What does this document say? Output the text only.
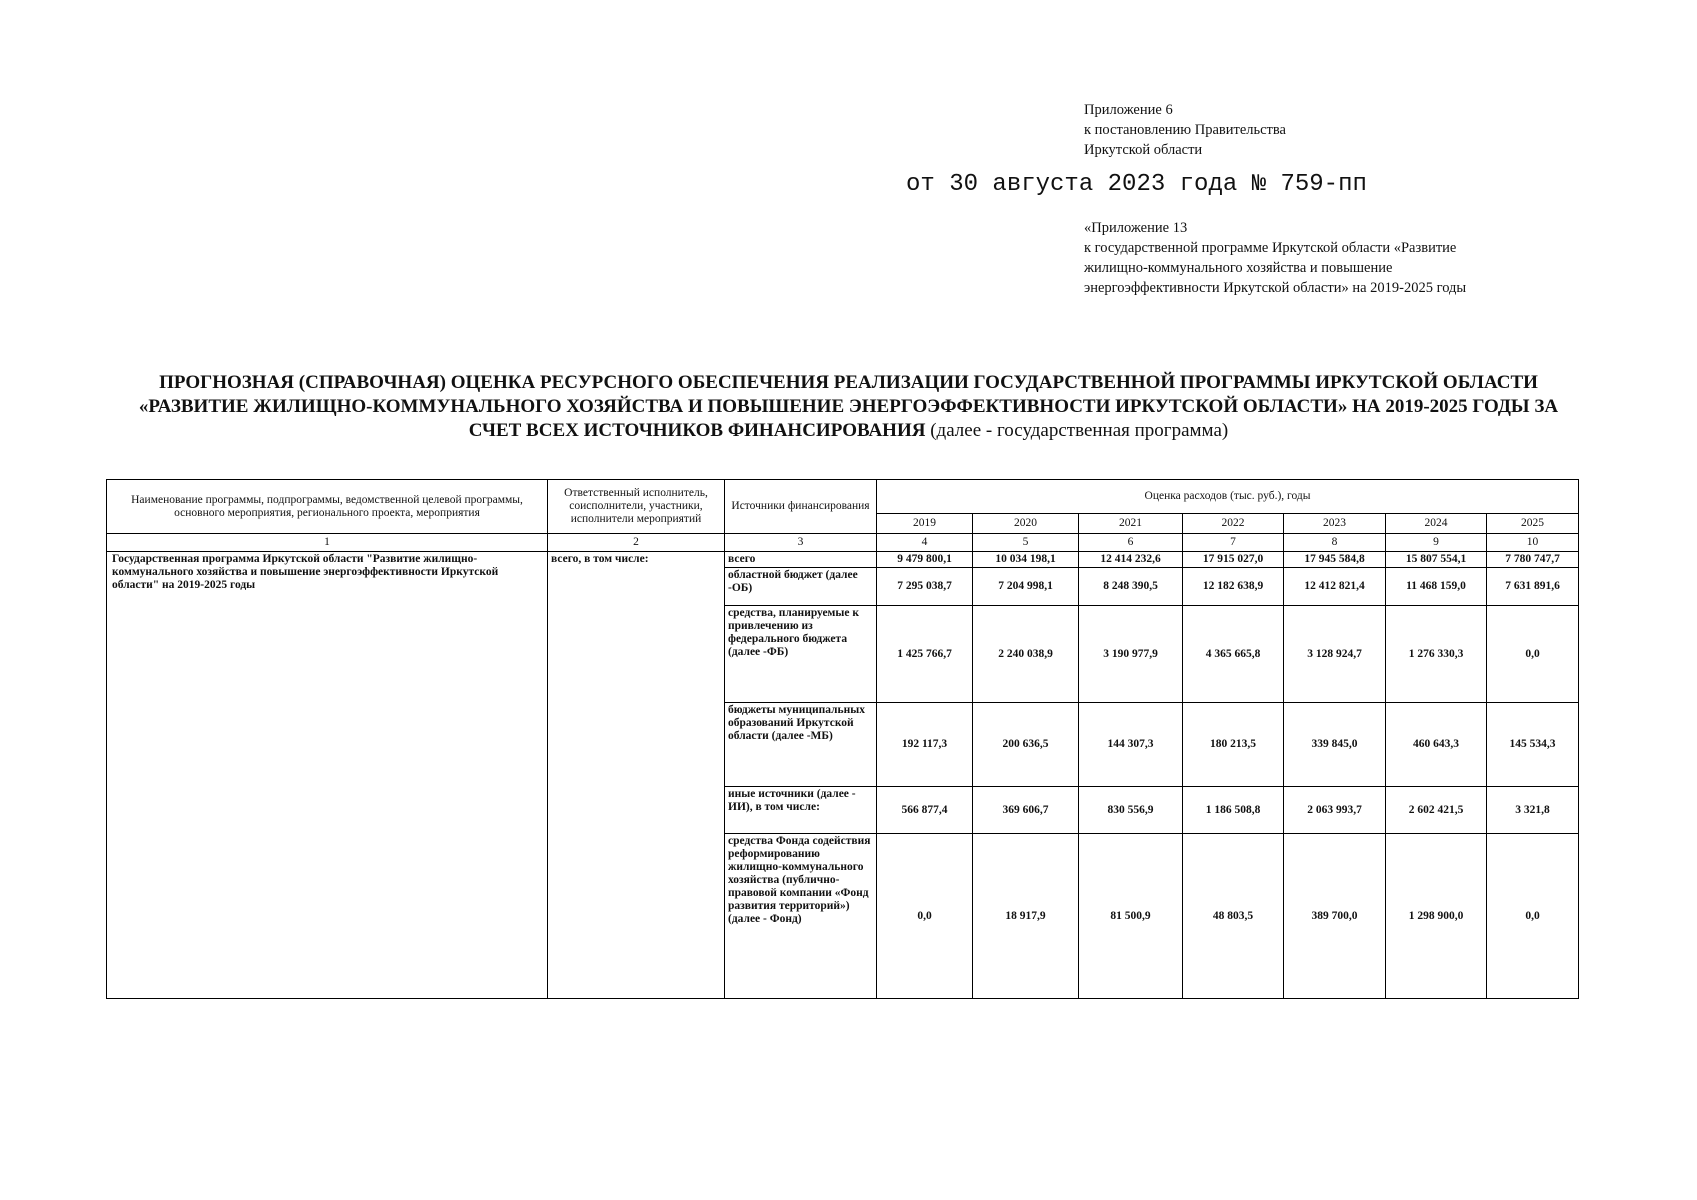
Приложение 6
к постановлению Правительства
Иркутской области
от 30 августа 2023 года № 759-пп
«Приложение 13
к государственной программе Иркутской области «Развитие
жилищно-коммунального хозяйства и повышение
энергоэффективности Иркутской области» на 2019-2025 годы
ПРОГНОЗНАЯ (СПРАВОЧНАЯ) ОЦЕНКА РЕСУРСНОГО ОБЕСПЕЧЕНИЯ РЕАЛИЗАЦИИ ГОСУДАРСТВЕННОЙ ПРОГРАММЫ ИРКУТСКОЙ ОБЛАСТИ
«РАЗВИТИЕ ЖИЛИЩНО-КОММУНАЛЬНОГО ХОЗЯЙСТВА И ПОВЫШЕНИЕ ЭНЕРГОЭФФЕКТИВНОСТИ ИРКУТСКОЙ ОБЛАСТИ» НА 2019-2025 ГОДЫ ЗА
СЧЕТ ВСЕХ ИСТОЧНИКОВ ФИНАНСИРОВАНИЯ (далее - государственная программа)
Наименование программы, подпрограммы, ведомственной целевой программы, основного мероприятия, регионального проекта, мероприятия	Ответственный исполнитель, соисполнители, участники, исполнители мероприятий	Источники финансирования	Оценка расходов (тыс. руб.), годы						
			2019	2020	2021	2022	2023	2024	2025
1	2	3	4	5	6	7	8	9	10
Государственная программа Иркутской области "Развитие жилищно-коммунального хозяйства и повышение энергоэффективности Иркутской области" на 2019-2025 годы	всего, в том числе:	всего	9 479 800,1	10 034 198,1	12 414 232,6	17 915 027,0	17 945 584,8	15 807 554,1	7 780 747,7
		областной бюджет (далее -ОБ)	7 295 038,7	7 204 998,1	8 248 390,5	12 182 638,9	12 412 821,4	11 468 159,0	7 631 891,6
		средства, планируемые к привлечению из федерального бюджета (далее -ФБ)	1 425 766,7	2 240 038,9	3 190 977,9	4 365 665,8	3 128 924,7	1 276 330,3	0,0
		бюджеты муниципальных образований Иркутской области (далее -МБ)	192 117,3	200 636,5	144 307,3	180 213,5	339 845,0	460 643,3	145 534,3
		иные источники (далее - ИИ), в том числе:	566 877,4	369 606,7	830 556,9	1 186 508,8	2 063 993,7	2 602 421,5	3 321,8
		средства Фонда содействия реформированию жилищно-коммунального хозяйства (публично-правовой компании «Фонд развития территорий») (далее - Фонд)	0,0	18 917,9	81 500,9	48 803,5	389 700,0	1 298 900,0	0,0
